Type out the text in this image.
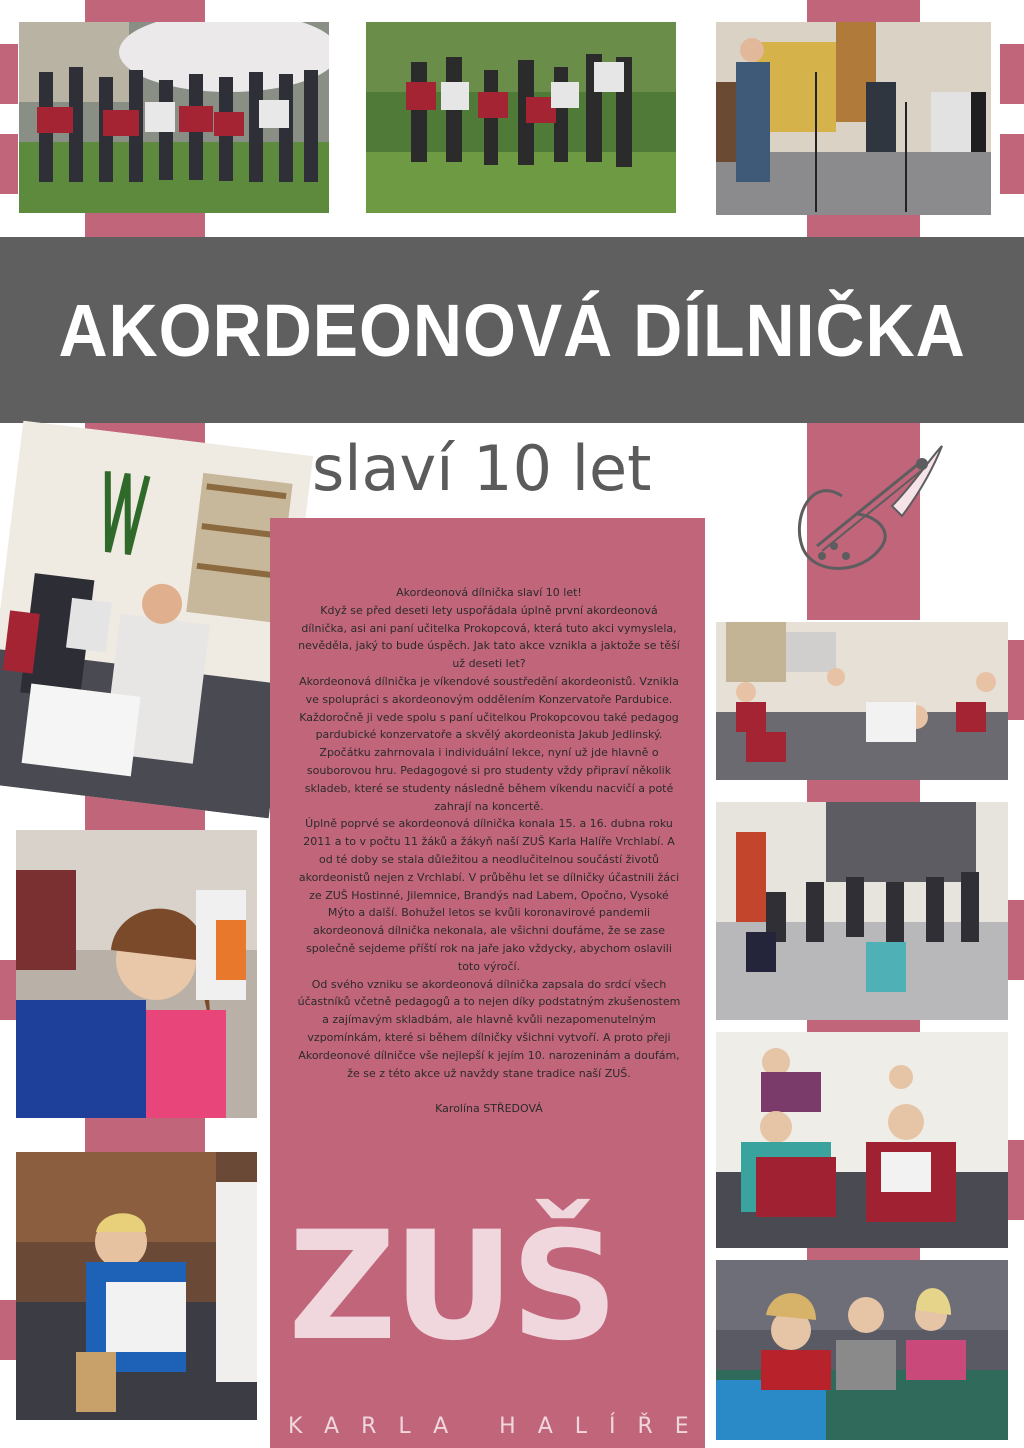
AKORDEONOVÁ DÍLNIČKA
slaví 10 let

Akordeonová dílnička slaví 10 let!

Když se před deseti lety uspořádala úplně první akordeonová dílnička, asi ani paní učitelka Prokopcová, která tuto akci vymyslela, nevěděla, jaký to bude úspěch. Jak tato akce vznikla a jaktože se těší už deseti let?

Akordeonová dílnička je víkendové soustředění akordeonistů. Vznikla ve spolupráci s akordeonovým oddělením Konzervatoře Pardubice. Každoročně ji vede spolu s paní učitelkou Prokopcovou také pedagog pardubické konzervatoře a skvělý akordeonista Jakub Jedlinský. Zpočátku zahrnovala i individuální lekce, nyní už jde hlavně o souborovou hru. Pedagogové si pro studenty vždy připraví několik skladeb, které se studenty následně během víkendu nacvičí a poté zahrají na koncertě.

Úplně poprvé se akordeonová dílnička konala 15. a 16. dubna roku 2011 a to v počtu 11 žáků a žákyň naší ZUŠ Karla Halíře Vrchlabí. A od té doby se stala důležitou a neodlučitelnou součástí životů akordeonistů nejen z Vrchlabí. V průběhu let se dílničky účastnili žáci ze ZUŠ Hostinné, Jilemnice, Brandýs nad Labem, Opočno, Vysoké Mýto a další. Bohužel letos se kvůli koronavirové pandemii akordeonová dílnička nekonala, ale všichni doufáme, že se zase společně sejdeme příští rok na jaře jako vždycky, abychom oslavili toto výročí.

Od svého vzniku se akordeonová dílnička zapsala do srdcí všech účastníků včetně pedagogů a to nejen díky podstatným zkušenostem a zajímavým skladbám, ale hlavně kvůli nezapomenutelným vzpomínkám, které si během dílničky všichni vytvoří. A proto přeji Akordeonové dílničce vše nejlepší k jejím 10. narozeninám a doufám, že se z této akce už navždy stane tradice naší ZUŠ.

Karolína STŘEDOVÁ

ZUŠ
KARLA HALÍŘE
